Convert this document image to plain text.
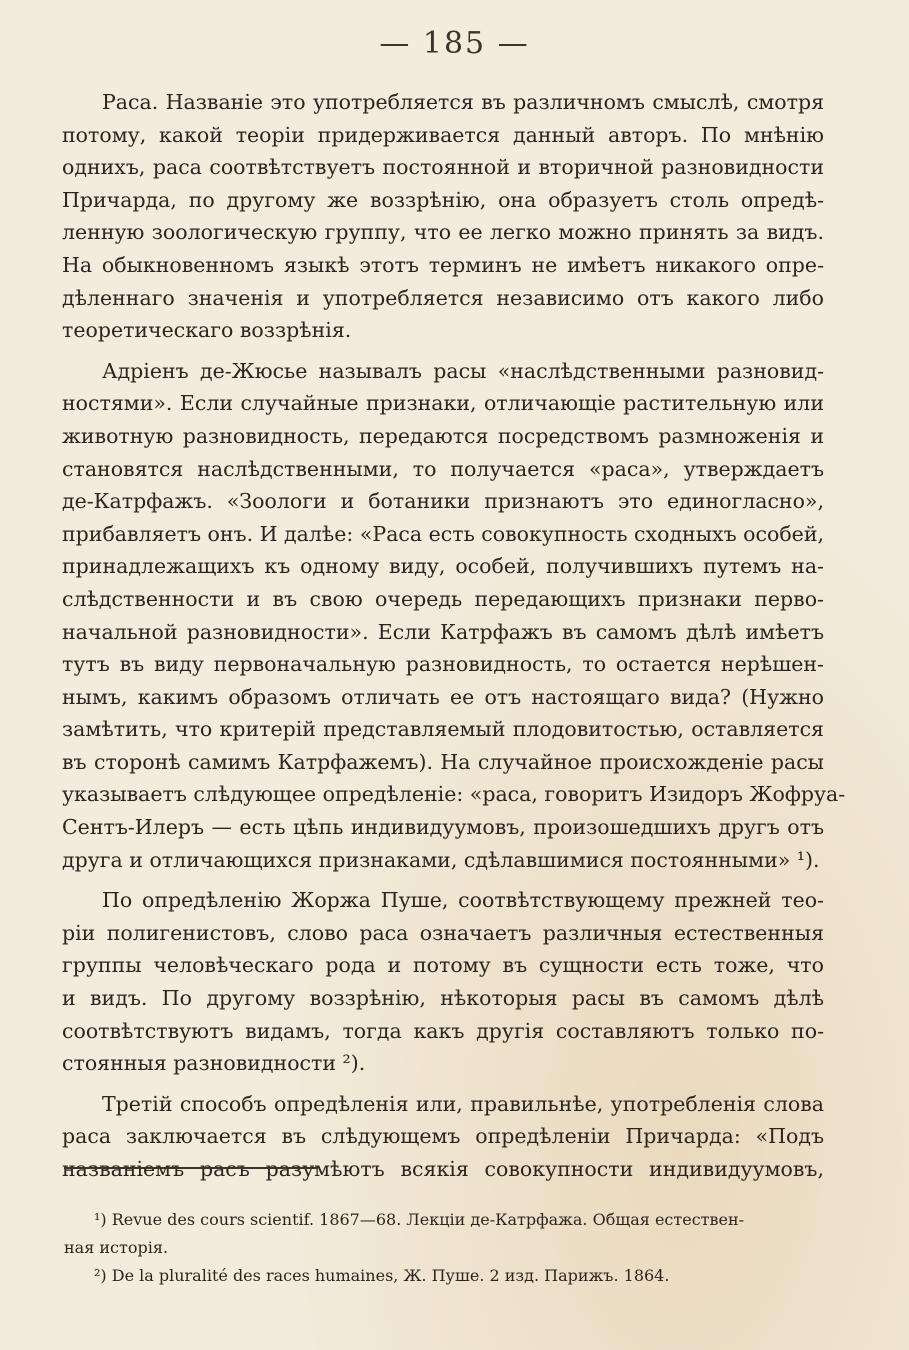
— 185 —
Раса. Названіе это употребляется въ различномъ смыслѣ, смотря
потому, какой теоріи придерживается данный авторъ. По мнѣнію
однихъ, раса соотвѣтствуетъ постоянной и вторичной разновидности
Причарда, по другому же воззрѣнію, она образуетъ столь опредѣ-
ленную зоологическую группу, что ее легко можно принять за видъ.
На обыкновенномъ языкѣ этотъ терминъ не имѣетъ никакого опре-
дѣленнаго значенія и употребляется независимо отъ какого либо
теоретическаго воззрѣнія.
Адріенъ де-Жюсье называлъ расы «наслѣдственными разновид-
ностями». Если случайные признаки, отличающіе растительную или
животную разновидность, передаются посредствомъ размноженія и
становятся наслѣдственными, то получается «раса», утверждаетъ
де-Катрфажъ. «Зоологи и ботаники признаютъ это единогласно»,
прибавляетъ онъ. И далѣе: «Раса есть совокупность сходныхъ особей,
принадлежащихъ къ одному виду, особей, получившихъ путемъ на-
слѣдственности и въ свою очередь передающихъ признаки перво-
начальной разновидности». Если Катрфажъ въ самомъ дѣлѣ имѣетъ
тутъ въ виду первоначальную разновидность, то остается нерѣшен-
нымъ, какимъ образомъ отличать ее отъ настоящаго вида? (Нужно
замѣтить, что критерій представляемый плодовитостью, оставляется
въ сторонѣ самимъ Катрфажемъ). На случайное происхожденіе расы
указываетъ слѣдующее опредѣленіе: «раса, говоритъ Изидоръ Жофруа-
Сентъ-Илеръ — есть цѣпь индивидуумовъ, произошедшихъ другъ отъ
друга и отличающихся признаками, сдѣлавшимися постоянными» ¹).
По опредѣленію Жоржа Пуше, соотвѣтствующему прежней тео-
ріи полигенистовъ, слово раса означаетъ различныя естественныя
группы человѣческаго рода и потому въ сущности есть тоже, что
и видъ. По другому воззрѣнію, нѣкоторыя расы въ самомъ дѣлѣ
соотвѣтствуютъ видамъ, тогда какъ другія составляютъ только по-
стоянныя разновидности ²).
Третій способъ опредѣленія или, правильнѣе, употребленія слова
раса заключается въ слѣдующемъ опредѣленіи Причарда: «Подъ
названіемъ расъ разумѣютъ всякія совокупности индивидуумовъ,
¹) Revue des cours scientif. 1867—68. Лекціи де-Катрфажа. Общая естествен-
ная исторія.
²) De la pluralité des races humaines, Ж. Пуше. 2 изд. Парижъ. 1864.
